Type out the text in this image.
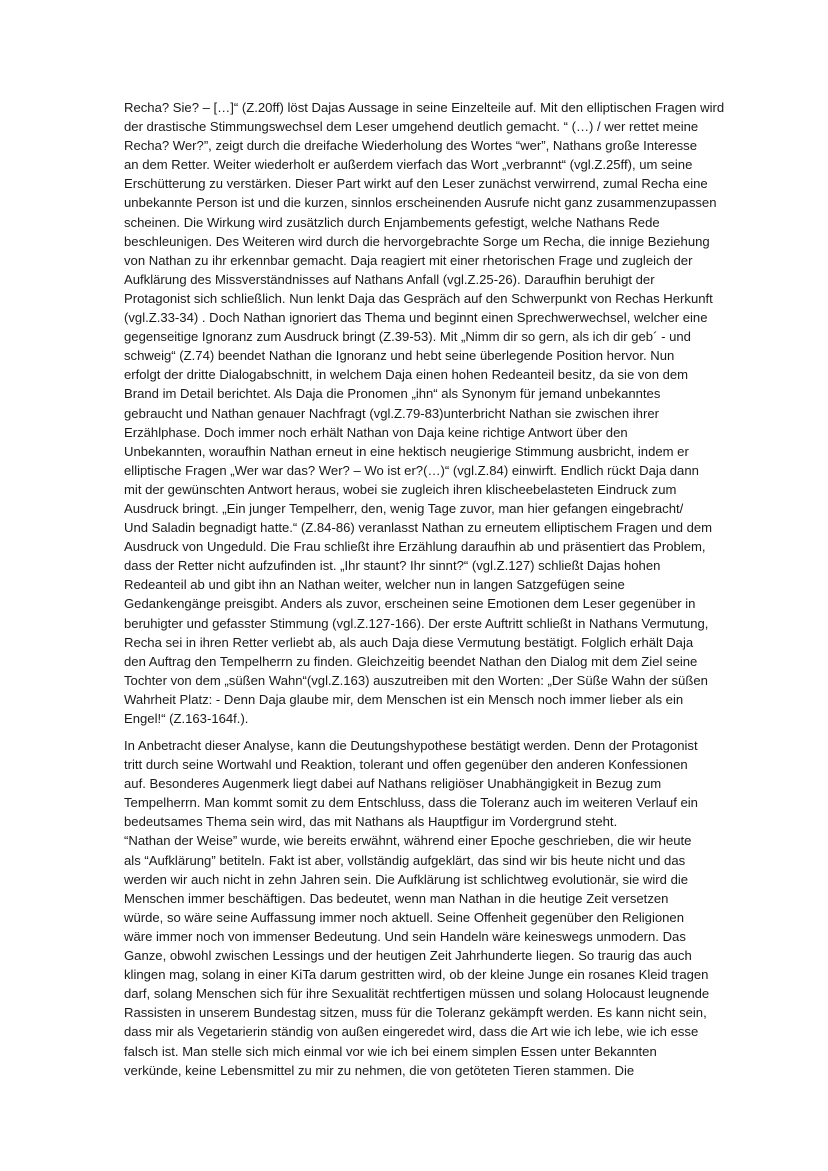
Recha? Sie? – […]“ (Z.20ff) löst Dajas Aussage in seine Einzelteile auf. Mit den elliptischen Fragen wird
der drastische Stimmungswechsel dem Leser umgehend deutlich gemacht. “ (…) / wer rettet meine
Recha? Wer?”, zeigt durch die dreifache Wiederholung des Wortes “wer”, Nathans große Interesse
an dem Retter. Weiter wiederholt er außerdem vierfach das Wort „verbrannt“ (vgl.Z.25ff), um seine
Erschütterung zu verstärken. Dieser Part wirkt auf den Leser zunächst verwirrend, zumal Recha eine
unbekannte Person ist und die kurzen, sinnlos erscheinenden Ausrufe nicht ganz zusammenzupassen
scheinen. Die Wirkung wird zusätzlich durch Enjambements gefestigt, welche Nathans Rede
beschleunigen. Des Weiteren wird durch die hervorgebrachte Sorge um Recha, die innige Beziehung
von Nathan zu ihr erkennbar gemacht. Daja reagiert mit einer rhetorischen Frage und zugleich der
Aufklärung des Missverständnisses auf Nathans Anfall (vgl.Z.25-26). Daraufhin beruhigt der
Protagonist sich schließlich. Nun lenkt Daja das Gespräch auf den Schwerpunkt von Rechas Herkunft
(vgl.Z.33-34) . Doch Nathan ignoriert das Thema und beginnt einen Sprechwerwechsel, welcher eine
gegenseitige Ignoranz zum Ausdruck bringt (Z.39-53). Mit „Nimm dir so gern, als ich dir geb´ - und
schweig“ (Z.74) beendet Nathan die Ignoranz und hebt seine überlegende Position hervor. Nun
erfolgt der dritte Dialogabschnitt, in welchem Daja einen hohen Redeanteil besitz, da sie von dem
Brand im Detail berichtet. Als Daja die Pronomen „ihn“ als Synonym für jemand unbekanntes
gebraucht und Nathan genauer Nachfragt (vgl.Z.79-83)unterbricht Nathan sie zwischen ihrer
Erzählphase. Doch immer noch erhält Nathan von Daja keine richtige Antwort über den
Unbekannten, woraufhin Nathan erneut in eine hektisch neugierige Stimmung ausbricht, indem er
elliptische Fragen „Wer war das? Wer? – Wo ist er?(…)“ (vgl.Z.84) einwirft. Endlich rückt Daja dann
mit der gewünschten Antwort heraus, wobei sie zugleich ihren klischeebelasteten Eindruck zum
Ausdruck bringt. „Ein junger Tempelherr, den, wenig Tage zuvor, man hier gefangen eingebracht/
Und Saladin begnadigt hatte.“ (Z.84-86) veranlasst Nathan zu erneutem elliptischem Fragen und dem
Ausdruck von Ungeduld. Die Frau schließt ihre Erzählung daraufhin ab und präsentiert das Problem,
dass der Retter nicht aufzufinden ist. „Ihr staunt? Ihr sinnt?“ (vgl.Z.127) schließt Dajas hohen
Redeanteil ab und gibt ihn an Nathan weiter, welcher nun in langen Satzgefügen seine
Gedankengänge preisgibt. Anders als zuvor, erscheinen seine Emotionen dem Leser gegenüber in
beruhigter und gefasster Stimmung (vgl.Z.127-166). Der erste Auftritt schließt in Nathans Vermutung,
Recha sei in ihren Retter verliebt ab, als auch Daja diese Vermutung bestätigt. Folglich erhält Daja
den Auftrag den Tempelherrn zu finden. Gleichzeitig beendet Nathan den Dialog mit dem Ziel seine
Tochter von dem „süßen Wahn“(vgl.Z.163) auszutreiben mit den Worten: „Der Süße Wahn der süßen
Wahrheit Platz: - Denn Daja glaube mir, dem Menschen ist ein Mensch noch immer lieber als ein
Engel!“ (Z.163-164f.).
In Anbetracht dieser Analyse, kann die Deutungshypothese bestätigt werden. Denn der Protagonist
tritt durch seine Wortwahl und Reaktion, tolerant und offen gegenüber den anderen Konfessionen
auf. Besonderes Augenmerk liegt dabei auf Nathans religiöser Unabhängigkeit in Bezug zum
Tempelherrn. Man kommt somit zu dem Entschluss, dass die Toleranz auch im weiteren Verlauf ein
bedeutsames Thema sein wird, das mit Nathans als Hauptfigur im Vordergrund steht.
“Nathan der Weise” wurde, wie bereits erwähnt, während einer Epoche geschrieben, die wir heute
als “Aufklärung” betiteln. Fakt ist aber, vollständig aufgeklärt, das sind wir bis heute nicht und das
werden wir auch nicht in zehn Jahren sein. Die Aufklärung ist schlichtweg evolutionär, sie wird die
Menschen immer beschäftigen. Das bedeutet, wenn man Nathan in die heutige Zeit versetzen
würde, so wäre seine Auffassung immer noch aktuell. Seine Offenheit gegenüber den Religionen
wäre immer noch von immenser Bedeutung. Und sein Handeln wäre keineswegs unmodern. Das
Ganze, obwohl zwischen Lessings und der heutigen Zeit Jahrhunderte liegen. So traurig das auch
klingen mag, solang in einer KiTa darum gestritten wird, ob der kleine Junge ein rosanes Kleid tragen
darf, solang Menschen sich für ihre Sexualität rechtfertigen müssen und solang Holocaust leugnende
Rassisten in unserem Bundestag sitzen, muss für die Toleranz gekämpft werden. Es kann nicht sein,
dass mir als Vegetarierin ständig von außen eingeredet wird, dass die Art wie ich lebe, wie ich esse
falsch ist. Man stelle sich mich einmal vor wie ich bei einem simplen Essen unter Bekannten
verkünde, keine Lebensmittel zu mir zu nehmen, die von getöteten Tieren stammen. Die
